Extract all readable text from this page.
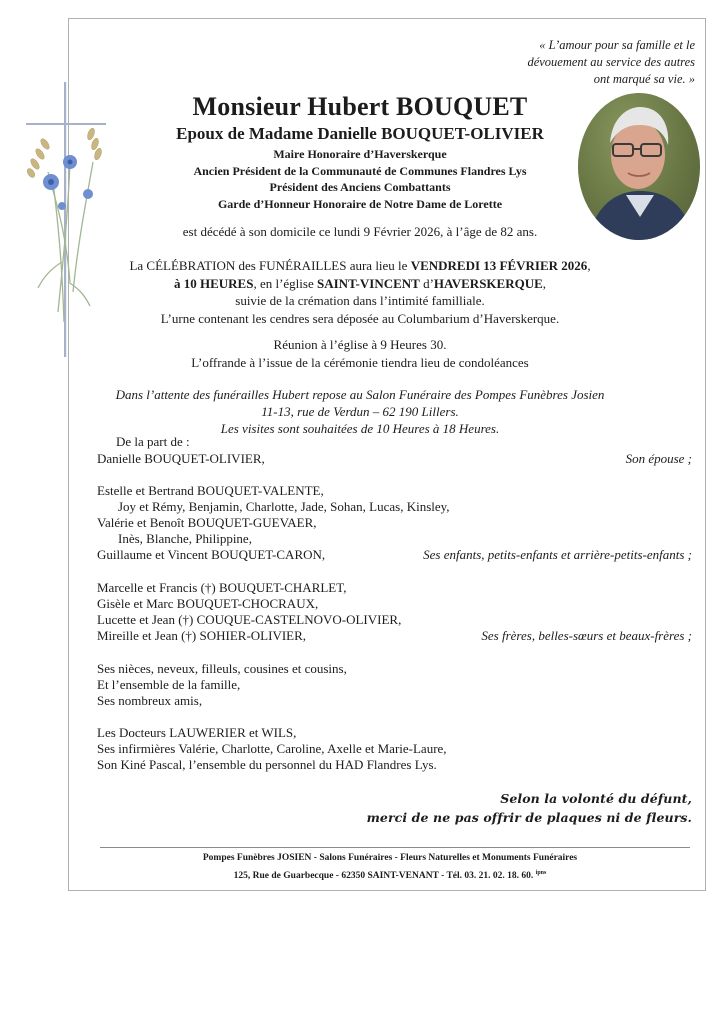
« L’amour pour sa famille et le
dévouement au service des autres
ont marqué sa vie. »
Monsieur Hubert BOUQUET
Epoux de Madame Danielle BOUQUET-OLIVIER
Maire Honoraire d’Haverskerque
Ancien Président de la Communauté de Communes Flandres Lys
Président des Anciens Combattants
Garde d’Honneur Honoraire de Notre Dame de Lorette
est décédé à son domicile ce lundi 9 Février 2026, à l’âge de 82 ans.
La CÉLÉBRATION des FUNÉRAILLES aura lieu le VENDREDI 13 FÉVRIER 2026,
à 10 HEURES, en l’église SAINT-VINCENT d’HAVERSKERQUE,
suivie de la crémation dans l’intimité familliale.
L’urne contenant les cendres sera déposée au Columbarium d’Haverskerque.
Réunion à l’église à 9 Heures 30.
L’offrande à l’issue de la cérémonie tiendra lieu de condoléances
Dans l’attente des funérailles Hubert repose au Salon Funéraire des Pompes Funèbres Josien
11-13, rue de Verdun – 62 190 Lillers.
Les visites sont souhaitées de 10 Heures à 18 Heures.
De la part de :
Danielle BOUQUET-OLIVIER,	Son épouse ;
Estelle et Bertrand BOUQUET-VALENTE,
Joy et Rémy, Benjamin, Charlotte, Jade, Sohan, Lucas, Kinsley,
Valérie et Benoît BOUQUET-GUEVAER,
Inès, Blanche, Philippine,
Guillaume et Vincent BOUQUET-CARON,	Ses enfants, petits-enfants et arrière-petits-enfants ;
Marcelle et Francis (†) BOUQUET-CHARLET,
Gisèle et Marc BOUQUET-CHOCRAUX,
Lucette et Jean (†) COUQUE-CASTELNOVO-OLIVIER,
Mireille et Jean (†) SOHIER-OLIVIER,	Ses frères, belles-sœurs et beaux-frères ;
Ses nièces, neveux, filleuls, cousines et cousins,
Et l’ensemble de la famille,
Ses nombreux amis,
Les Docteurs LAUWERIER et WILS,
Ses infirmières Valérie, Charlotte, Caroline, Axelle et Marie-Laure,
Son Kiné Pascal, l’ensemble du personnel du HAD Flandres Lys.
Selon la volonté du défunt,
merci de ne pas offrir de plaques ni de fleurs.
Pompes Funèbres JOSIEN - Salons Funéraires - Fleurs Naturelles et Monuments Funéraires
125, Rue de Guarbecque - 62350 SAINT-VENANT - Tél. 03. 21. 02. 18. 60. $^{ipns}$
